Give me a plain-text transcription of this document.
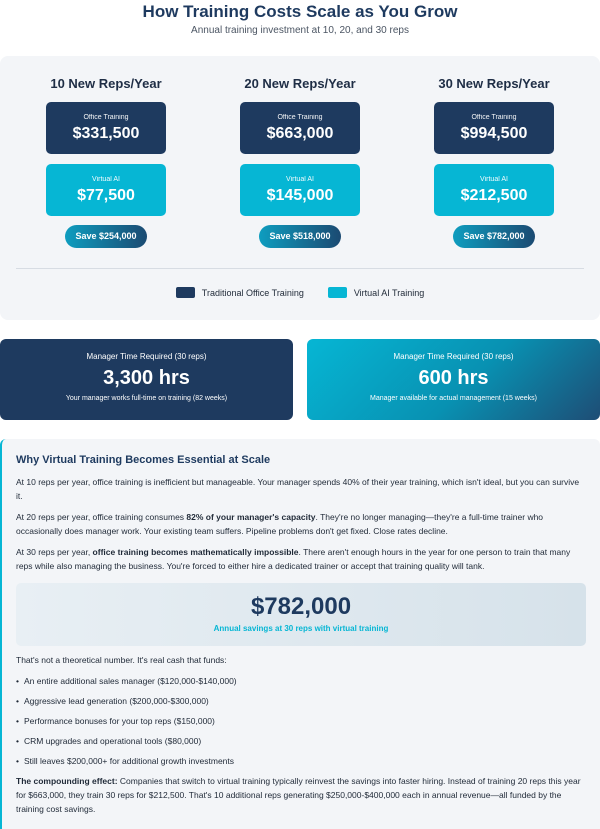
How Training Costs Scale as You Grow
Annual training investment at 10, 20, and 30 reps
10 New Reps/Year
Office Training
$331,500
Virtual AI
$77,500
Save $254,000
20 New Reps/Year
Office Training
$663,000
Virtual AI
$145,000
Save $518,000
30 New Reps/Year
Office Training
$994,500
Virtual AI
$212,500
Save $782,000
Traditional Office Training	Virtual AI Training
Manager Time Required (30 reps)
3,300 hrs
Your manager works full-time on training (82 weeks)
Manager Time Required (30 reps)
600 hrs
Manager available for actual management (15 weeks)
Why Virtual Training Becomes Essential at Scale

At 10 reps per year, office training is inefficient but manageable. Your manager spends 40% of their year training, which isn't ideal, but you can survive it.

At 20 reps per year, office training consumes 82% of your manager's capacity. They're no longer managing—they're a full-time trainer who occasionally does manager work. Your existing team suffers. Pipeline problems don't get fixed. Close rates decline.

At 30 reps per year, office training becomes mathematically impossible. There aren't enough hours in the year for one person to train that many reps while also managing the business. You're forced to either hire a dedicated trainer or accept that training quality will tank.

$782,000
Annual savings at 30 reps with virtual training

That's not a theoretical number. It's real cash that funds:

• An entire additional sales manager ($120,000-$140,000)
• Aggressive lead generation ($200,000-$300,000)
• Performance bonuses for your top reps ($150,000)
• CRM upgrades and operational tools ($80,000)
• Still leaves $200,000+ for additional growth investments

The compounding effect: Companies that switch to virtual training typically reinvest the savings into faster hiring. Instead of training 20 reps this year for $663,000, they train 30 reps for $212,500. That's 10 additional reps generating $250,000-$400,000 each in annual revenue—all funded by the training cost savings.
